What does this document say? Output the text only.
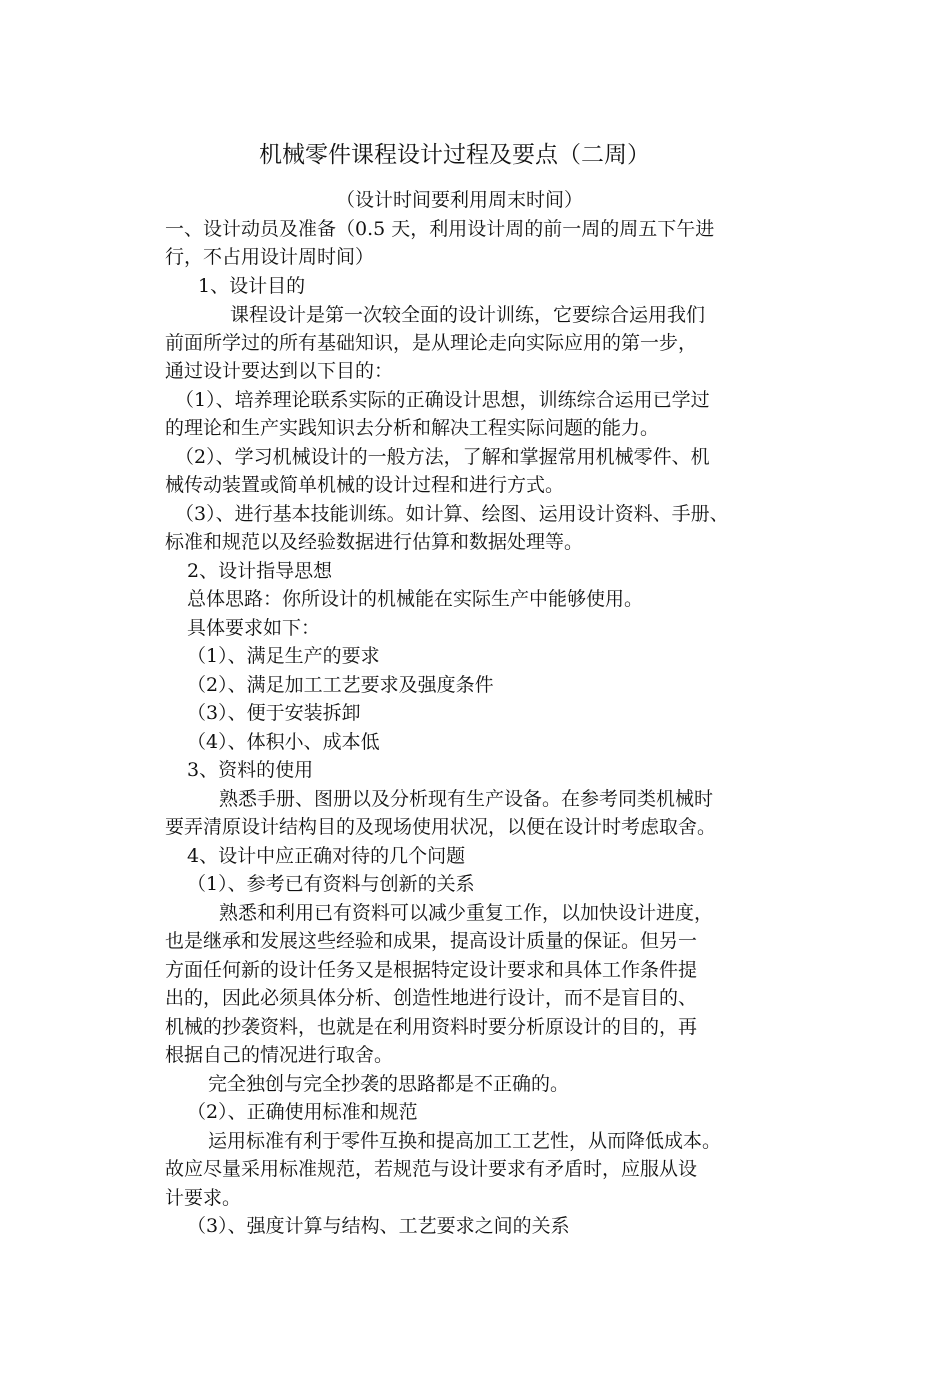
机械零件课程设计过程及要点（二周）
（设计时间要利用周末时间）
一、设计动员及准备（0.5 天，利用设计周的前一周的周五下午进
行，不占用设计周时间）
1、设计目的
课程设计是第一次较全面的设计训练，它要综合运用我们
前面所学过的所有基础知识，是从理论走向实际应用的第一步，
通过设计要达到以下目的：
（1）、培养理论联系实际的正确设计思想，训练综合运用已学过
的理论和生产实践知识去分析和解决工程实际问题的能力。
（2）、学习机械设计的一般方法，了解和掌握常用机械零件、机
械传动装置或简单机械的设计过程和进行方式。
（3）、进行基本技能训练。如计算、绘图、运用设计资料、手册、
标准和规范以及经验数据进行估算和数据处理等。
2、设计指导思想
总体思路：你所设计的机械能在实际生产中能够使用。
具体要求如下：
（1）、满足生产的要求
（2）、满足加工工艺要求及强度条件
（3）、便于安装拆卸
（4）、体积小、成本低
3、资料的使用
熟悉手册、图册以及分析现有生产设备。在参考同类机械时
要弄清原设计结构目的及现场使用状况，以便在设计时考虑取舍。
4、设计中应正确对待的几个问题
（1）、参考已有资料与创新的关系
熟悉和利用已有资料可以减少重复工作，以加快设计进度，
也是继承和发展这些经验和成果，提高设计质量的保证。但另一
方面任何新的设计任务又是根据特定设计要求和具体工作条件提
出的，因此必须具体分析、创造性地进行设计，而不是盲目的、
机械的抄袭资料，也就是在利用资料时要分析原设计的目的，再
根据自己的情况进行取舍。
完全独创与完全抄袭的思路都是不正确的。
（2）、正确使用标准和规范
运用标准有利于零件互换和提高加工工艺性，从而降低成本。
故应尽量采用标准规范，若规范与设计要求有矛盾时，应服从设
计要求。
（3）、强度计算与结构、工艺要求之间的关系
